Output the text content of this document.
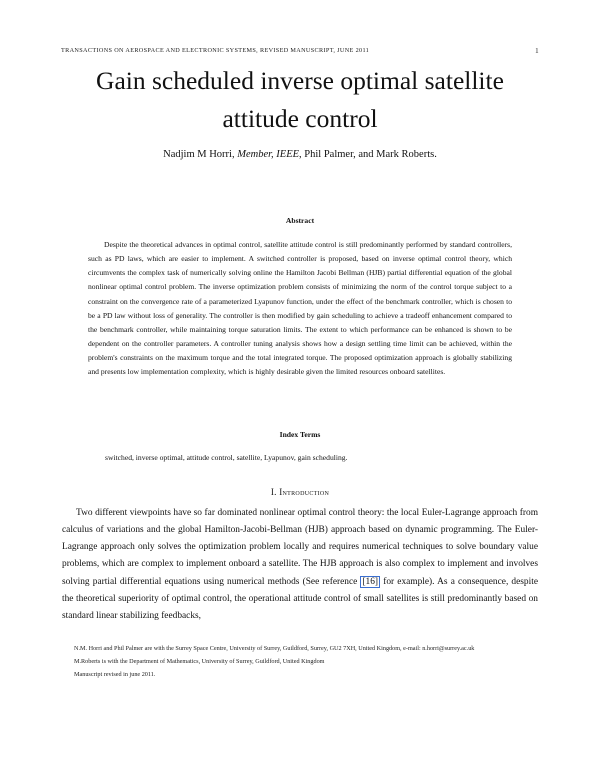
TRANSACTIONS ON AEROSPACE AND ELECTRONIC SYSTEMS, REVISED MANUSCRIPT, JUNE 2011	1
Gain scheduled inverse optimal satellite
attitude control
Nadjim M Horri, Member, IEEE, Phil Palmer, and Mark Roberts.
Abstract
Despite the theoretical advances in optimal control, satellite attitude control is still predominantly performed by standard controllers, such as PD laws, which are easier to implement. A switched controller is proposed, based on inverse optimal control theory, which circumvents the complex task of numerically solving online the Hamilton Jacobi Bellman (HJB) partial differential equation of the global nonlinear optimal control problem. The inverse optimization problem consists of minimizing the norm of the control torque subject to a constraint on the convergence rate of a parameterized Lyapunov function, under the effect of the benchmark controller, which is chosen to be a PD law without loss of generality. The controller is then modified by gain scheduling to achieve a tradeoff enhancement compared to the benchmark controller, while maintaining torque saturation limits. The extent to which performance can be enhanced is shown to be dependent on the controller parameters. A controller tuning analysis shows how a design settling time limit can be achieved, within the problem's constraints on the maximum torque and the total integrated torque. The proposed optimization approach is globally stabilizing and presents low implementation complexity, which is highly desirable given the limited resources onboard satellites.
Index Terms
switched, inverse optimal, attitude control, satellite, Lyapunov, gain scheduling.
I. Introduction
Two different viewpoints have so far dominated nonlinear optimal control theory: the local Euler-Lagrange approach from calculus of variations and the global Hamilton-Jacobi-Bellman (HJB) approach based on dynamic programming. The Euler-Lagrange approach only solves the optimization problem locally and requires numerical techniques to solve boundary value problems, which are complex to implement onboard a satellite. The HJB approach is also complex to implement and involves solving partial differential equations using numerical methods (See reference [16] for example). As a consequence, despite the theoretical superiority of optimal control, the operational attitude control of small satellites is still predominantly based on standard linear stabilizing feedbacks,

N.M. Horri and Phil Palmer are with the Surrey Space Centre, University of Surrey, Guildford, Surrey, GU2 7XH, United Kingdom, e-mail: n.horri@surrey.ac.uk

M.Roberts is with the Department of Mathematics, University of Surrey, Guildford, United Kingdom

Manuscript revised in june 2011.
